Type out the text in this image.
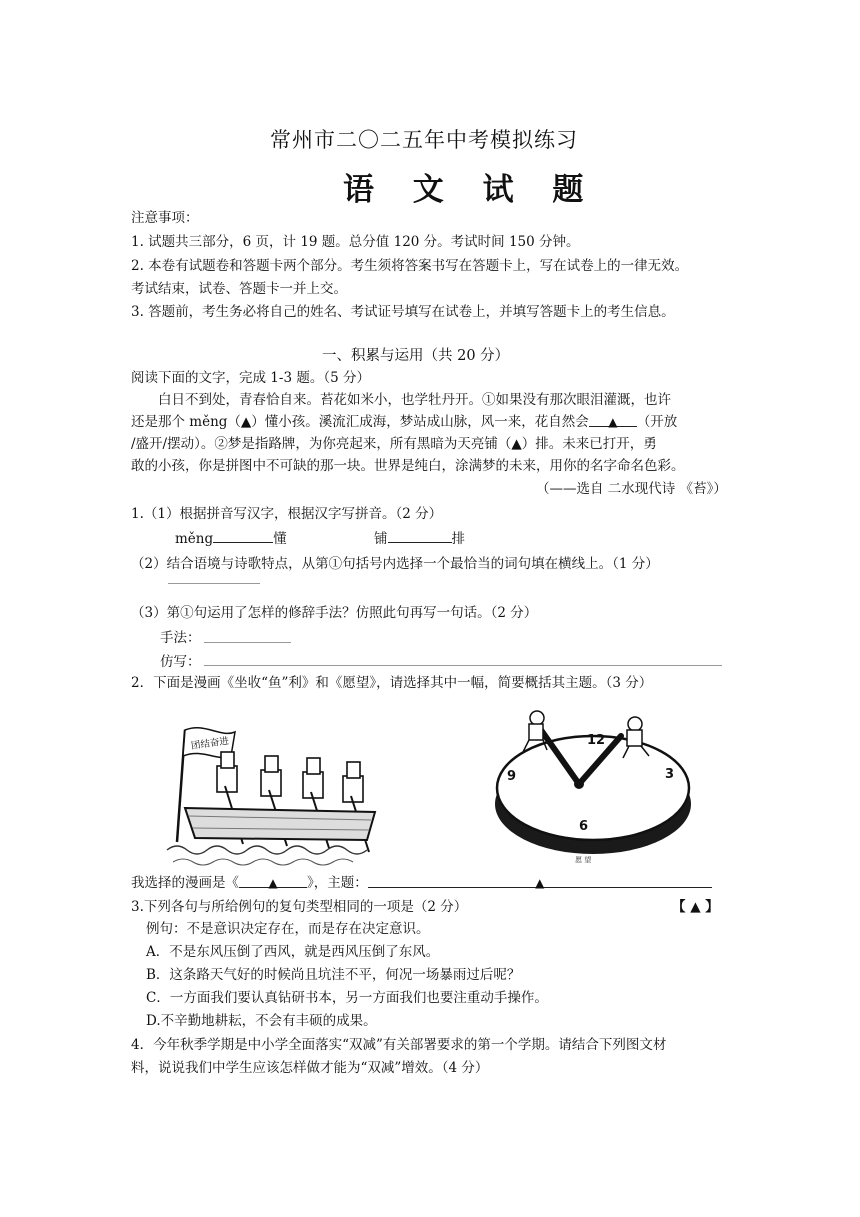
常州市二〇二五年中考模拟练习
语 文 试 题
注意事项：
1. 试题共三部分，6 页，计 19 题。总分值 120 分。考试时间 150 分钟。
2. 本卷有试题卷和答题卡两个部分。考生须将答案书写在答题卡上，写在试卷上的一律无效。
考试结束，试卷、答题卡一并上交。
3. 答题前，考生务必将自己的姓名、考试证号填写在试卷上，并填写答题卡上的考生信息。
一、积累与运用（共 20 分）
阅读下面的文字，完成 1-3 题。（5 分）
白日不到处，青春恰自来。苔花如米小，也学牡丹开。①如果没有那次眼泪灌溉，也许
还是那个 měng（▲）懂小孩。溪流汇成海，梦站成山脉，风一来，花自然会 ▲ （开放
/盛开/摆动）。②梦是指路牌，为你亮起来，所有黑暗为天亮铺（▲）排。未来已打开，勇
敢的小孩，你是拼图中不可缺的那一块。世界是纯白，涂满梦的未来，用你的名字命名色彩。
（——选自 二水现代诗 《苔》）
1.（1）根据拼音写汉字，根据汉字写拼音。（2 分）
měng	懂	铺	排
（2）结合语境与诗歌特点，从第①句括号内选择一个最恰当的词句填在横线上。（1 分）
（3）第①句运用了怎样的修辞手法？仿照此句再写一句话。（2 分）
手法：
仿写：
2．下面是漫画《坐收“鱼”利》和《愿望》，请选择其中一幅，简要概括其主题。（3 分）
团结奋进	12
3
6
9
愿 望
我选择的漫画是《 ▲ 》，主题：	▲
3.下列各句与所给例句的复句类型相同的一项是（2 分）	【 ▲ 】
例句：不是意识决定存在，而是存在决定意识。
A．不是东风压倒了西风，就是西风压倒了东风。
B．这条路天气好的时候尚且坑洼不平，何况一场暴雨过后呢？
C．一方面我们要认真钻研书本，另一方面我们也要注重动手操作。
D.不辛勤地耕耘，不会有丰硕的成果。
4．今年秋季学期是中小学全面落实“双减”有关部署要求的第一个学期。请结合下列图文材
料，说说我们中学生应该怎样做才能为“双减”增效。（4 分）
